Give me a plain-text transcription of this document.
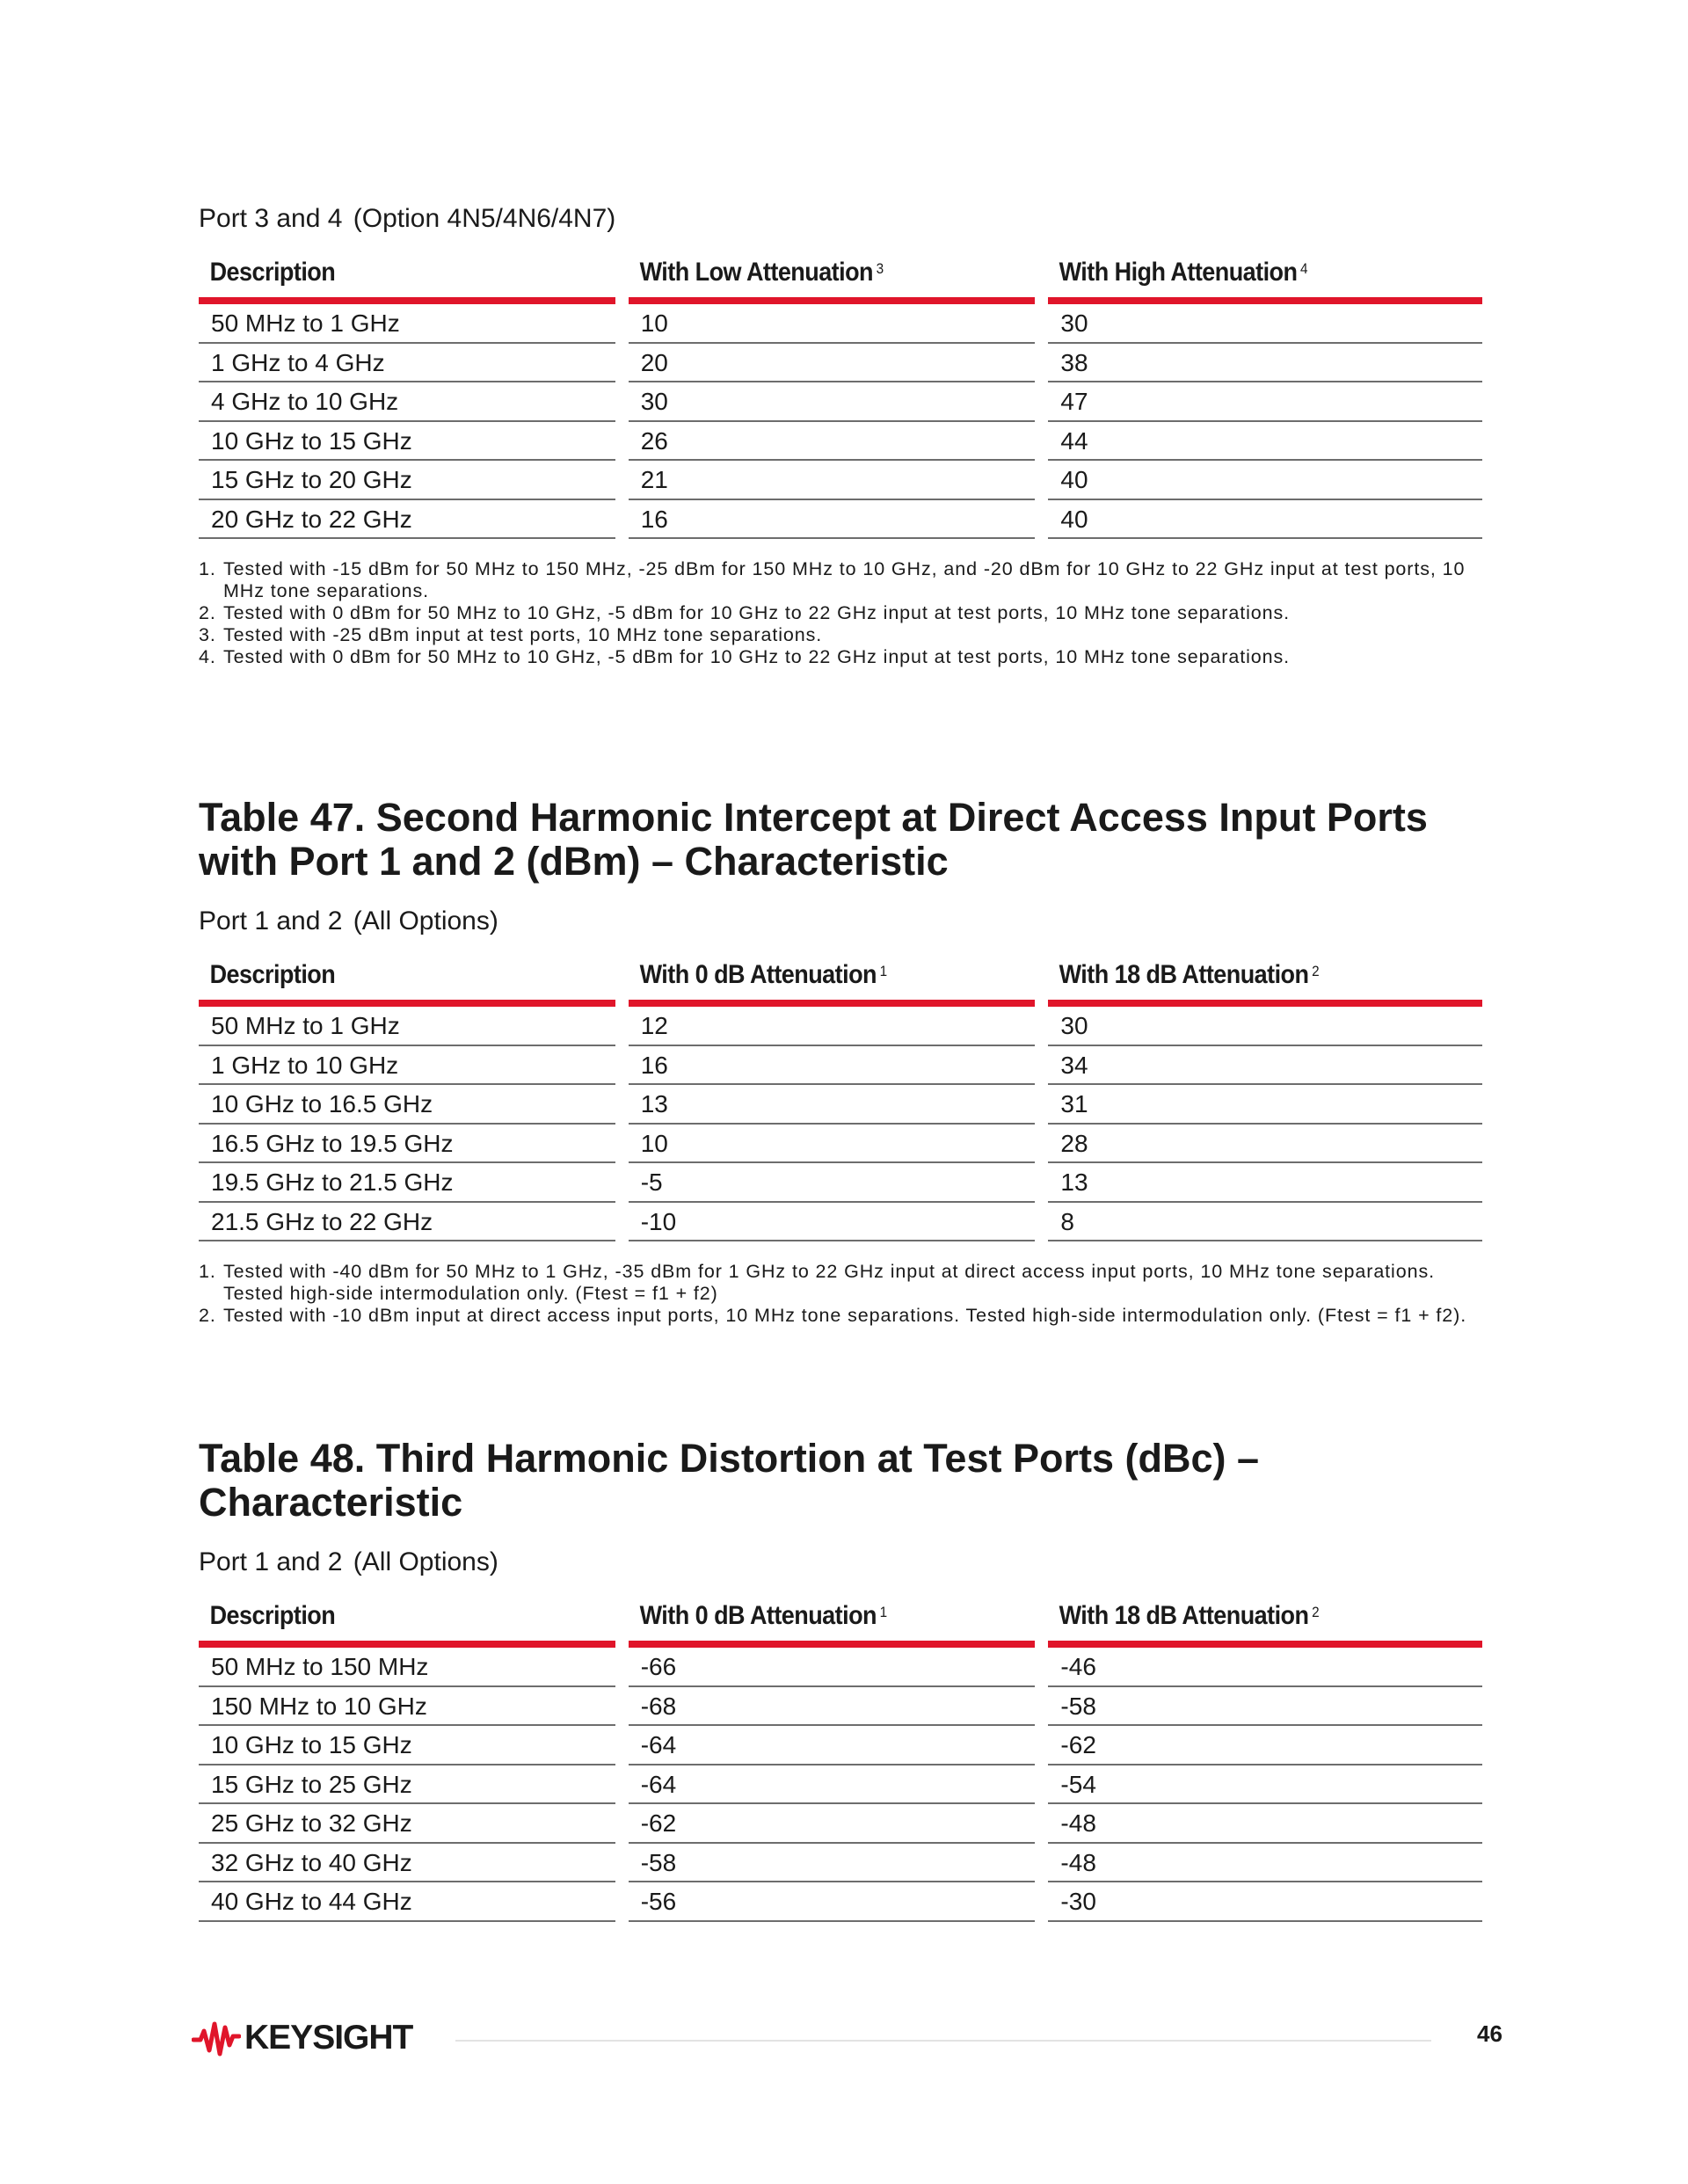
Port 3 and 4 (Option 4N5/4N6/4N7)
Description	With Low Attenuation $^3$	With High Attenuation $^4$
50 MHz to 1 GHz	10	30
1 GHz to 4 GHz	20	38
4 GHz to 10 GHz	30	47
10 GHz to 15 GHz	26	44
15 GHz to 20 GHz	21	40
20 GHz to 22 GHz	16	40
1. Tested with -15 dBm for 50 MHz to 150 MHz, -25 dBm for 150 MHz to 10 GHz, and -20 dBm for 10 GHz to 22 GHz input at test ports, 10 MHz tone separations.
2. Tested with 0 dBm for 50 MHz to 10 GHz, -5 dBm for 10 GHz to 22 GHz input at test ports, 10 MHz tone separations.
3. Tested with -25 dBm input at test ports, 10 MHz tone separations.
4. Tested with 0 dBm for 50 MHz to 10 GHz, -5 dBm for 10 GHz to 22 GHz input at test ports, 10 MHz tone separations.
Table 47. Second Harmonic Intercept at Direct Access Input Ports with Port 1 and 2 (dBm) – Characteristic
Port 1 and 2 (All Options)
Description	With 0 dB Attenuation $^1$	With 18 dB Attenuation $^2$
50 MHz to 1 GHz	12	30
1 GHz to 10 GHz	16	34
10 GHz to 16.5 GHz	13	31
16.5 GHz to 19.5 GHz	10	28
19.5 GHz to 21.5 GHz	-5	13
21.5 GHz to 22 GHz	-10	8
1. Tested with -40 dBm for 50 MHz to 1 GHz, -35 dBm for 1 GHz to 22 GHz input at direct access input ports, 10 MHz tone separations. Tested high-side intermodulation only. (Ftest = f1 + f2)
2. Tested with -10 dBm input at direct access input ports, 10 MHz tone separations. Tested high-side intermodulation only. (Ftest = f1 + f2).
Table 48. Third Harmonic Distortion at Test Ports (dBc) – Characteristic
Port 1 and 2 (All Options)
Description	With 0 dB Attenuation $^1$	With 18 dB Attenuation $^2$
50 MHz to 150 MHz	-66	-46
150 MHz to 10 GHz	-68	-58
10 GHz to 15 GHz	-64	-62
15 GHz to 25 GHz	-64	-54
25 GHz to 32 GHz	-62	-48
32 GHz to 40 GHz	-58	-48
40 GHz to 44 GHz	-56	-30
KEYSIGHT	46
